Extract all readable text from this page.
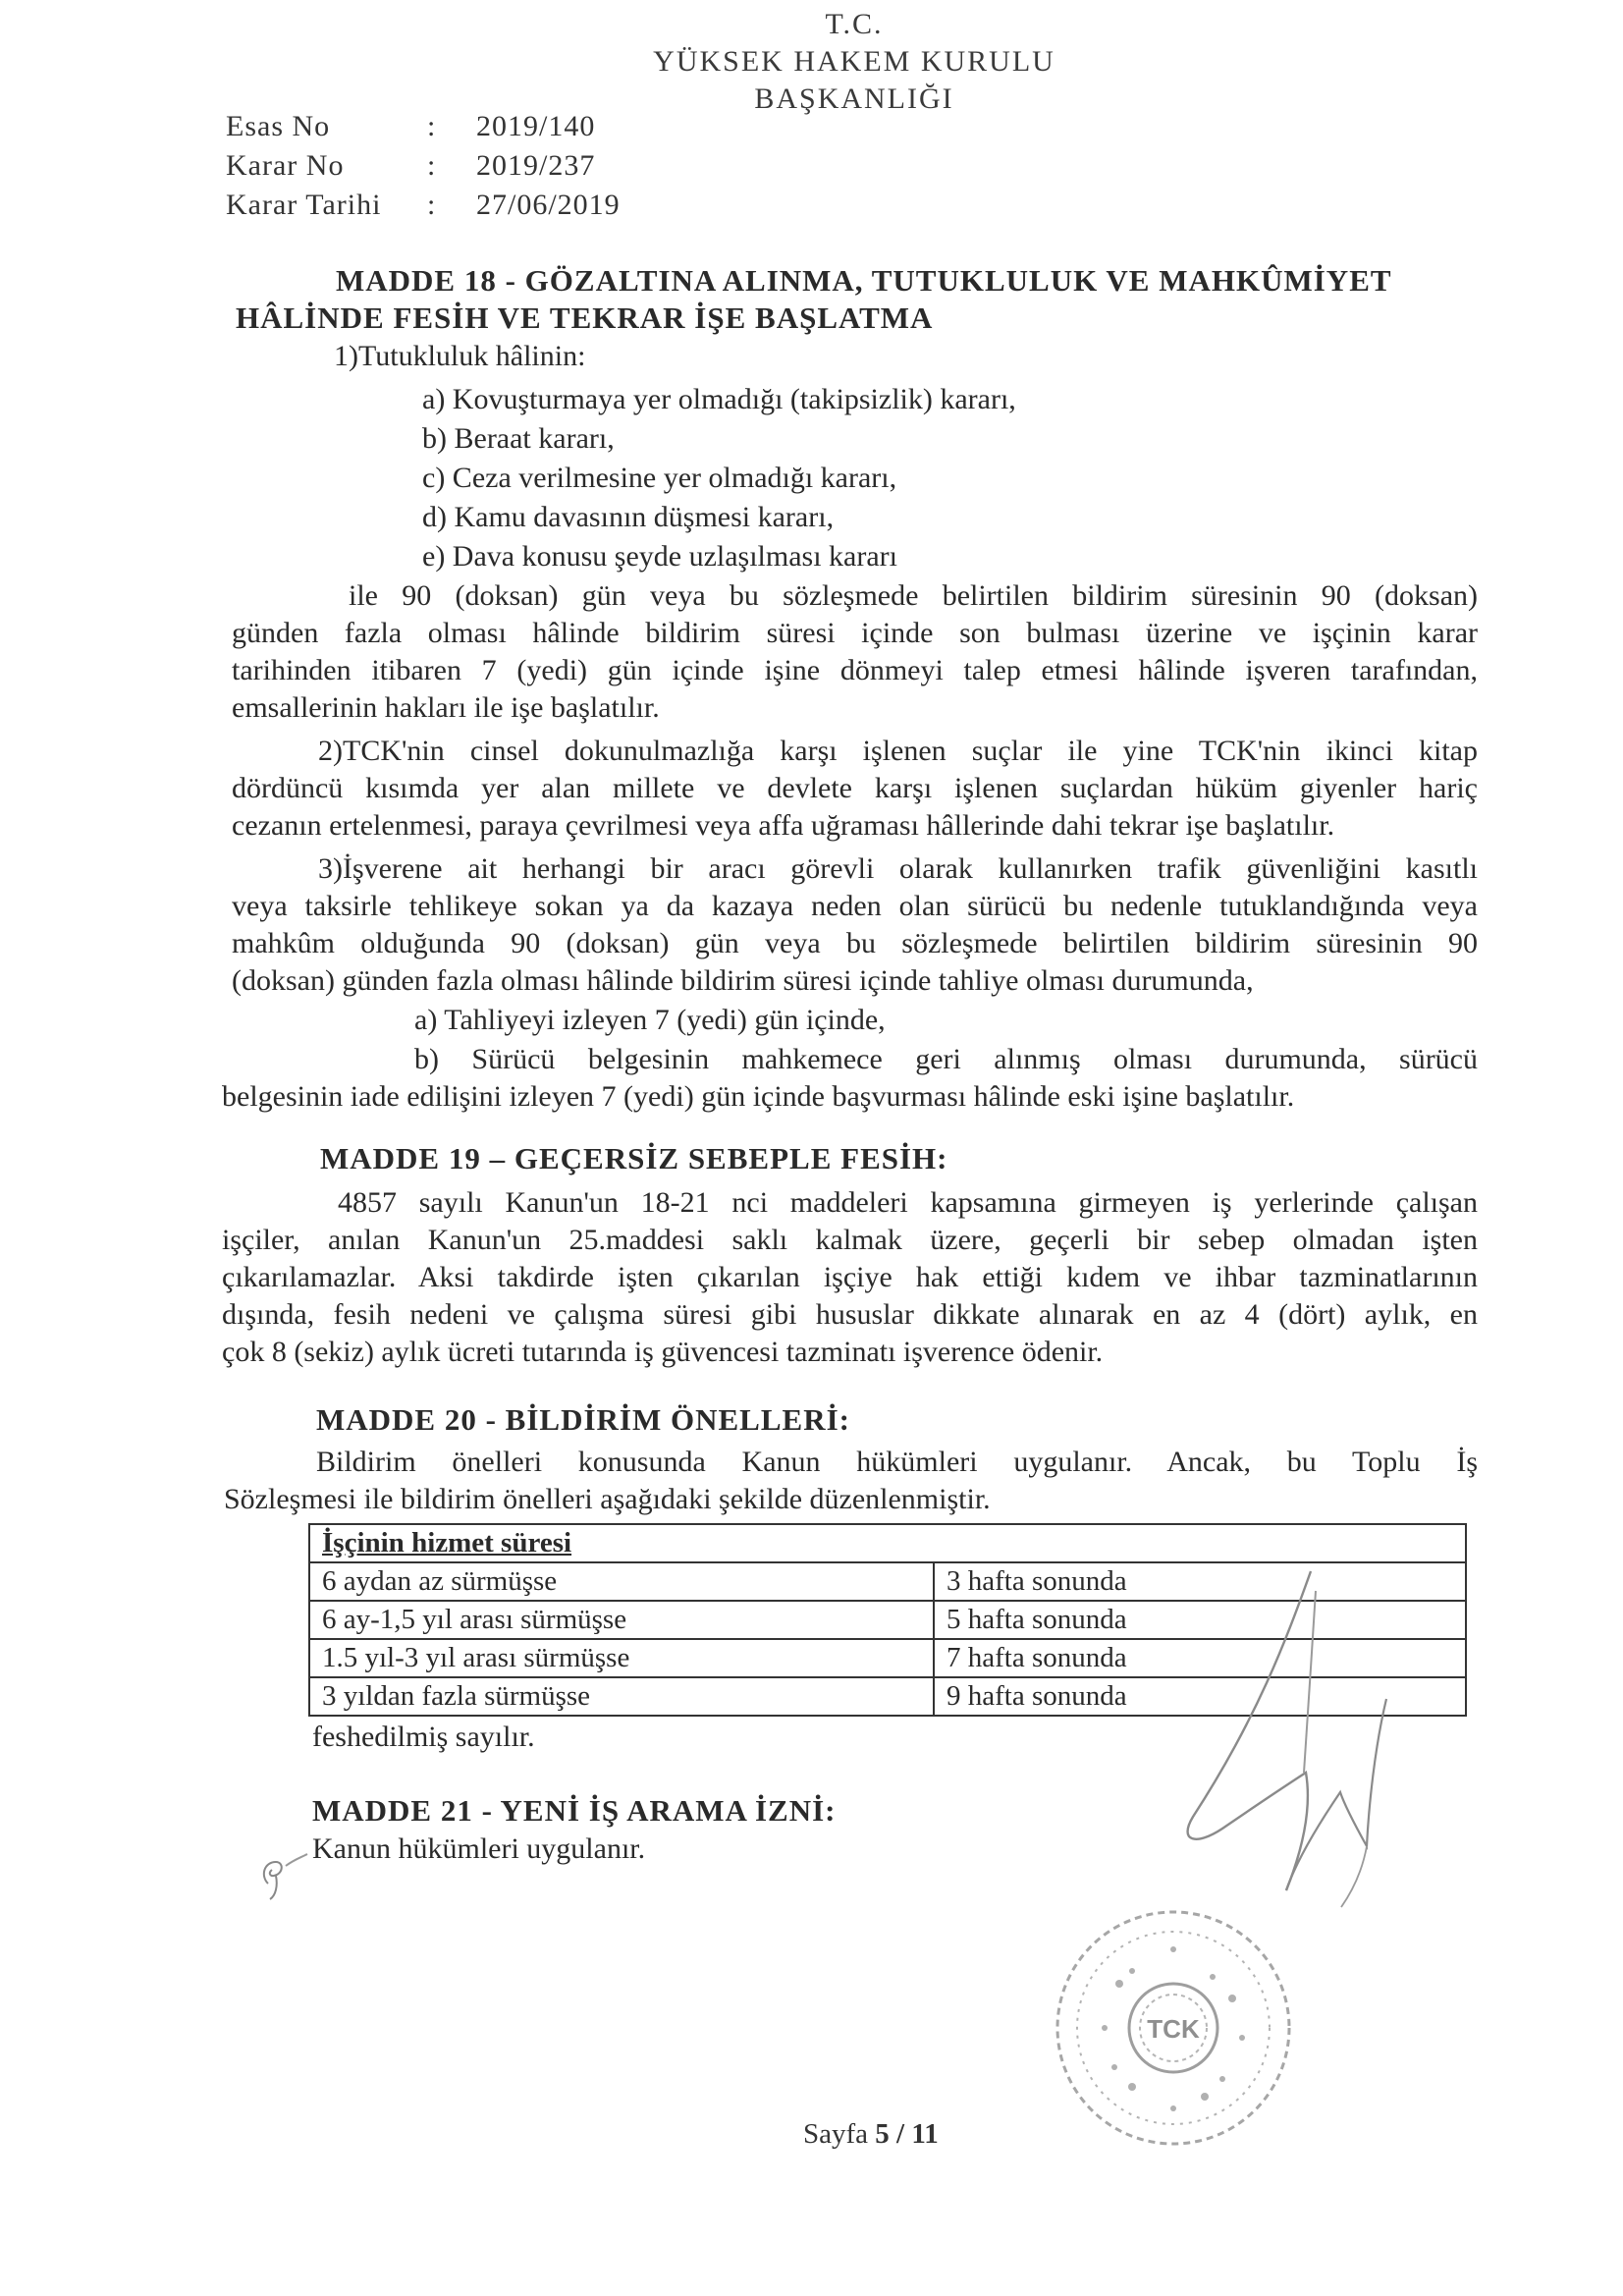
T.C.
YÜKSEK HAKEM KURULU
BAŞKANLIĞI
Esas No	: 2019/140
Karar No	: 2019/237
Karar Tarihi	: 27/06/2019
MADDE 18 - GÖZALTINA ALINMA, TUTUKLULUK VE MAHKÛMİYET
HÂLİNDE FESİH VE TEKRAR İŞE BAŞLATMA
1)Tutukluluk hâlinin:
a) Kovuşturmaya yer olmadığı (takipsizlik) kararı,
b) Beraat kararı,
c) Ceza verilmesine yer olmadığı kararı,
d) Kamu davasının düşmesi kararı,
e) Dava konusu şeyde uzlaşılması kararı
ile 90 (doksan) gün veya bu sözleşmede belirtilen bildirim süresinin 90 (doksan)
günden fazla olması hâlinde bildirim süresi içinde son bulması üzerine ve işçinin karar
tarihinden itibaren 7 (yedi) gün içinde işine dönmeyi talep etmesi hâlinde işveren tarafından,
emsallerinin hakları ile işe başlatılır.
2)TCK'nin cinsel dokunulmazlığa karşı işlenen suçlar ile yine TCK'nin ikinci kitap
dördüncü kısımda yer alan millete ve devlete karşı işlenen suçlardan hüküm giyenler hariç
cezanın ertelenmesi, paraya çevrilmesi veya affa uğraması hâllerinde dahi tekrar işe başlatılır.
3)İşverene ait herhangi bir aracı görevli olarak kullanırken trafik güvenliğini kasıtlı
veya taksirle tehlikeye sokan ya da kazaya neden olan sürücü bu nedenle tutuklandığında veya
mahkûm olduğunda 90 (doksan) gün veya bu sözleşmede belirtilen bildirim süresinin 90
(doksan) günden fazla olması hâlinde bildirim süresi içinde tahliye olması durumunda,
a) Tahliyeyi izleyen 7 (yedi) gün içinde,
b) Sürücü belgesinin mahkemece geri alınmış olması durumunda, sürücü
belgesinin iade edilişini izleyen 7 (yedi) gün içinde başvurması hâlinde eski işine başlatılır.
MADDE 19 – GEÇERSİZ SEBEPLE FESİH:
4857 sayılı Kanun'un 18-21 nci maddeleri kapsamına girmeyen iş yerlerinde çalışan
işçiler, anılan Kanun'un 25.maddesi saklı kalmak üzere, geçerli bir sebep olmadan işten
çıkarılamazlar. Aksi takdirde işten çıkarılan işçiye hak ettiği kıdem ve ihbar tazminatlarının
dışında, fesih nedeni ve çalışma süresi gibi hususlar dikkate alınarak en az 4 (dört) aylık, en
çok 8 (sekiz) aylık ücreti tutarında iş güvencesi tazminatı işverence ödenir.
MADDE 20 - BİLDİRİM ÖNELLERİ:
Bildirim önelleri konusunda Kanun hükümleri uygulanır. Ancak, bu Toplu İş
Sözleşmesi ile bildirim önelleri aşağıdaki şekilde düzenlenmiştir.
İşçinin hizmet süresi	
6 aydan az sürmüşse	3 hafta sonunda
6 ay-1,5 yıl arası sürmüşse	5 hafta sonunda
1.5 yıl-3 yıl arası sürmüşse	7 hafta sonunda
3 yıldan fazla sürmüşse	9 hafta sonunda
feshedilmiş sayılır.
MADDE 21 - YENİ İŞ ARAMA İZNİ:
Kanun hükümleri uygulanır.
TCK
Sayfa 5 / 11
